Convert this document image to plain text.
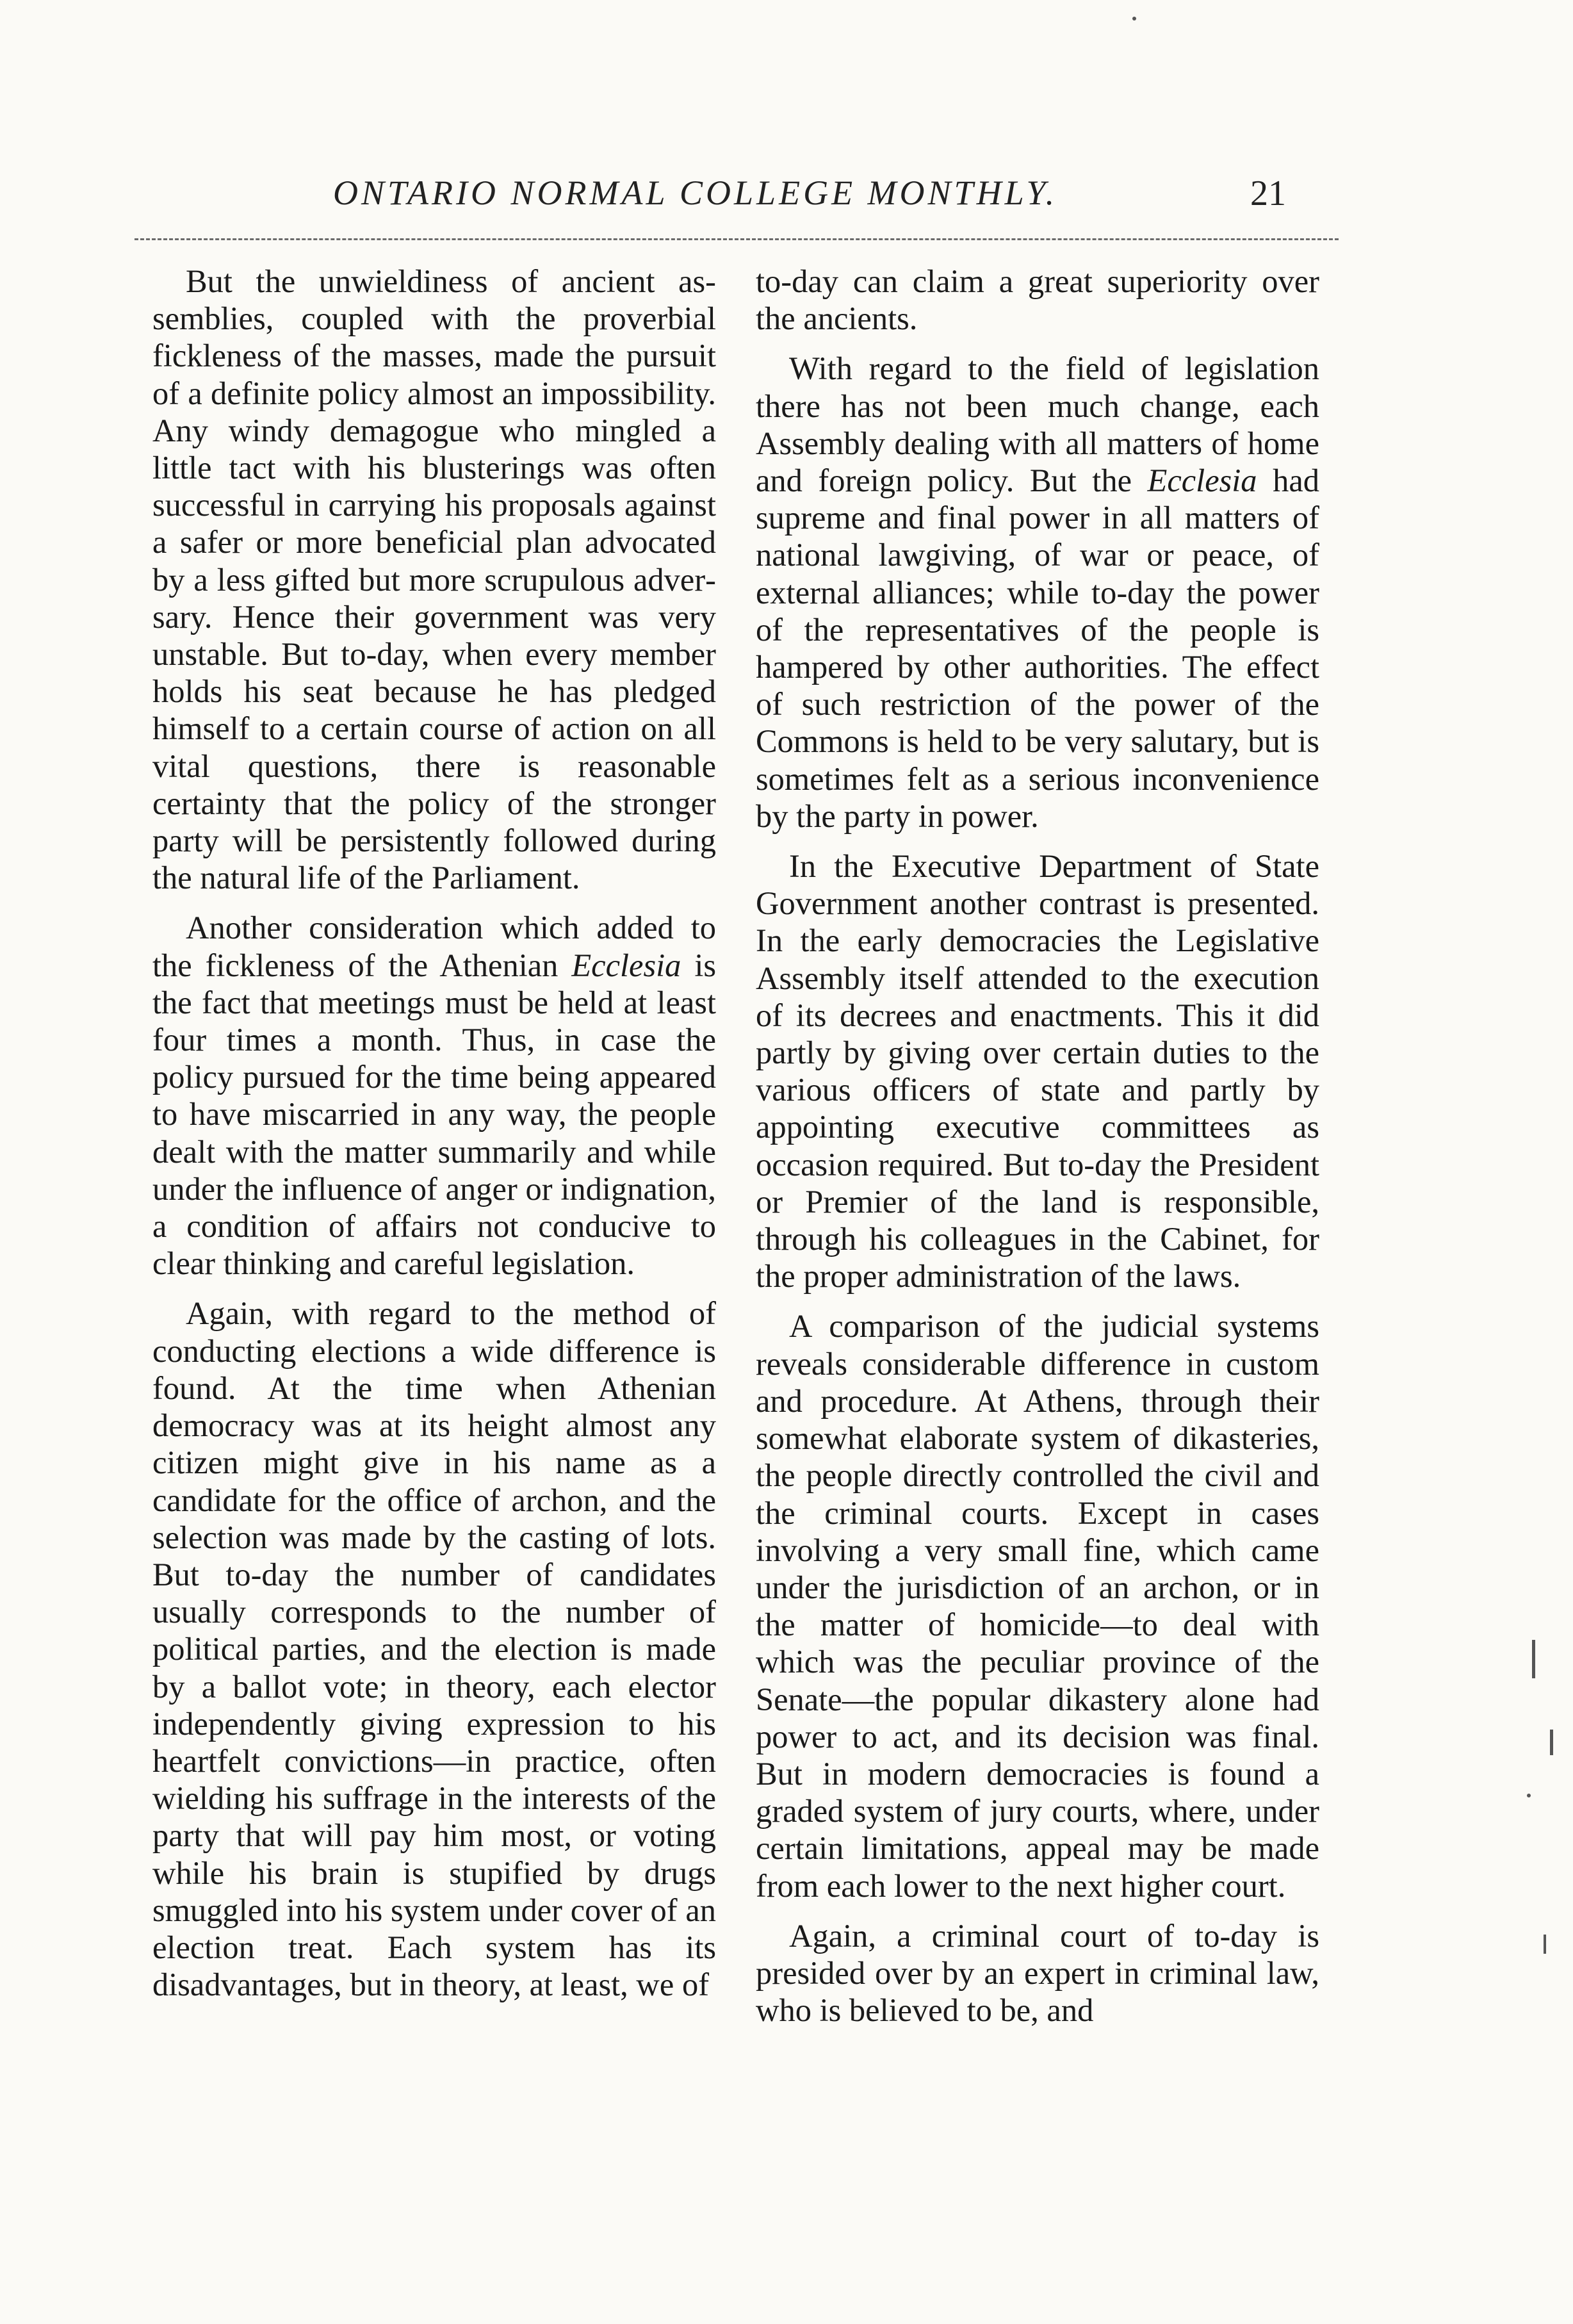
ONTARIO NORMAL COLLEGE MONTHLY.	21

But the unwieldiness of ancient assemblies, coupled with the proverbial fickleness of the masses, made the pursuit of a definite policy almost an impossibility. Any windy demagogue who mingled a little tact with his blusterings was often successful in carrying his proposals against a safer or more beneficial plan advocated by a less gifted but more scrupulous adversary. Hence their government was very unstable. But to-day, when every member holds his seat because he has pledged himself to a certain course of action on all vital questions, there is reasonable certainty that the policy of the stronger party will be persistently followed during the natural life of the Parliament.

Another consideration which added to the fickleness of the Athenian Ecclesia is the fact that meetings must be held at least four times a month. Thus, in case the policy pursued for the time being appeared to have miscarried in any way, the people dealt with the matter summarily and while under the influence of anger or indignation, a condition of affairs not conducive to clear thinking and careful legislation.

Again, with regard to the method of conducting elections a wide difference is found. At the time when Athenian democracy was at its height almost any citizen might give in his name as a candidate for the office of archon, and the selection was made by the casting of lots. But to-day the number of candidates usually corresponds to the number of political parties, and the election is made by a ballot vote; in theory, each elector independently giving expression to his heartfelt convictions—in practice, often wielding his suffrage in the interests of the party that will pay him most, or voting while his brain is stupified by drugs smuggled into his system under cover of an election treat. Each system has its disadvantages, but in theory, at least, we of

to-day can claim a great superiority over the ancients.

With regard to the field of legislation there has not been much change, each Assembly dealing with all matters of home and foreign policy. But the Ecclesia had supreme and final power in all matters of national lawgiving, of war or peace, of external alliances; while to-day the power of the representatives of the people is hampered by other authorities. The effect of such restriction of the power of the Commons is held to be very salutary, but is sometimes felt as a serious inconvenience by the party in power.

In the Executive Department of State Government another contrast is presented. In the early democracies the Legislative Assembly itself attended to the execution of its decrees and enactments. This it did partly by giving over certain duties to the various officers of state and partly by appointing executive committees as occasion required. But to-day the President or Premier of the land is responsible, through his colleagues in the Cabinet, for the proper administration of the laws.

A comparison of the judicial systems reveals considerable difference in custom and procedure. At Athens, through their somewhat elaborate system of dikasteries, the people directly controlled the civil and the criminal courts. Except in cases involving a very small fine, which came under the jurisdiction of an archon, or in the matter of homicide—to deal with which was the peculiar province of the Senate—the popular dikastery alone had power to act, and its decision was final. But in modern democracies is found a graded system of jury courts, where, under certain limitations, appeal may be made from each lower to the next higher court.

Again, a criminal court of to-day is presided over by an expert in criminal law, who is believed to be, and
